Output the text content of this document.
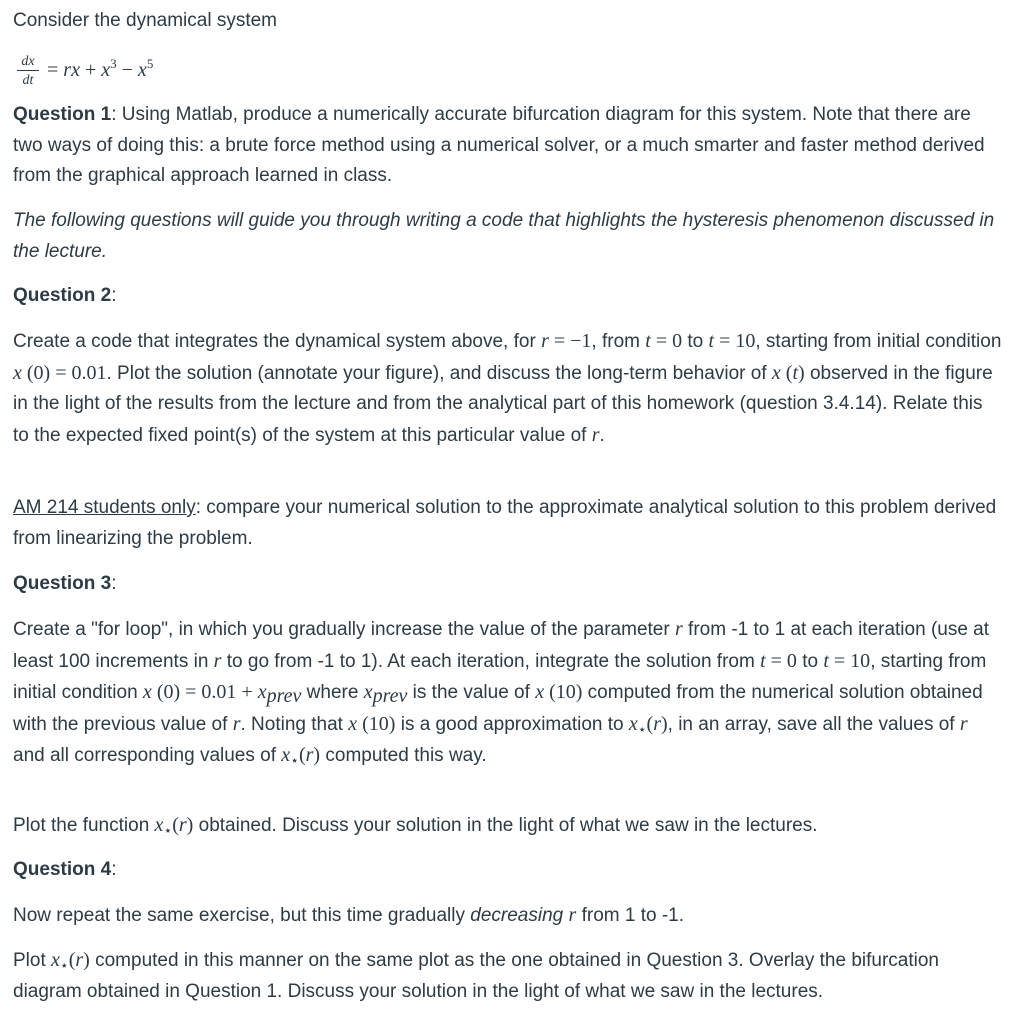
Consider the dynamical system

dx
dt = rx + $x^3 - x^5$

Question 1: Using Matlab, produce a numerically accurate bifurcation diagram for this system. Note that there are two ways of doing this: a brute force method using a numerical solver, or a much smarter and faster method derived from the graphical approach learned in class.

The following questions will guide you through writing a code that highlights the hysteresis phenomenon discussed in the lecture.

Question 2:

Create a code that integrates the dynamical system above, for r = −1, from t = 0 to t = 10, starting from initial condition x (0) = 0.01. Plot the solution (annotate your figure), and discuss the long-term behavior of x (t) observed in the figure in the light of the results from the lecture and from the analytical part of this homework (question 3.4.14). Relate this to the expected fixed point(s) of the system at this particular value of r.

AM 214 students only: compare your numerical solution to the approximate analytical solution to this problem derived from linearizing the problem.

Question 3:

Create a "for loop", in which you gradually increase the value of the parameter r from -1 to 1 at each iteration (use at least 100 increments in r to go from -1 to 1). At each iteration, integrate the solution from t = 0 to t = 10, starting from initial condition x $(0) = 0.01 + x_{prev}$ where $x_{prev}$ is the value of x (10) computed from the numerical solution obtained with the previous value of r. Noting that x (10) is a good approximation to $x_⋆(r)$, in an array, save all the values of r and all corresponding values of $x_⋆(r)$ computed this way.

Plot the function $x_⋆(r)$ obtained. Discuss your solution in the light of what we saw in the lectures.

Question 4:

Now repeat the same exercise, but this time gradually decreasing r from 1 to -1.

Plot $x_⋆(r)$ computed in this manner on the same plot as the one obtained in Question 3. Overlay the bifurcation diagram obtained in Question 1. Discuss your solution in the light of what we saw in the lectures.
